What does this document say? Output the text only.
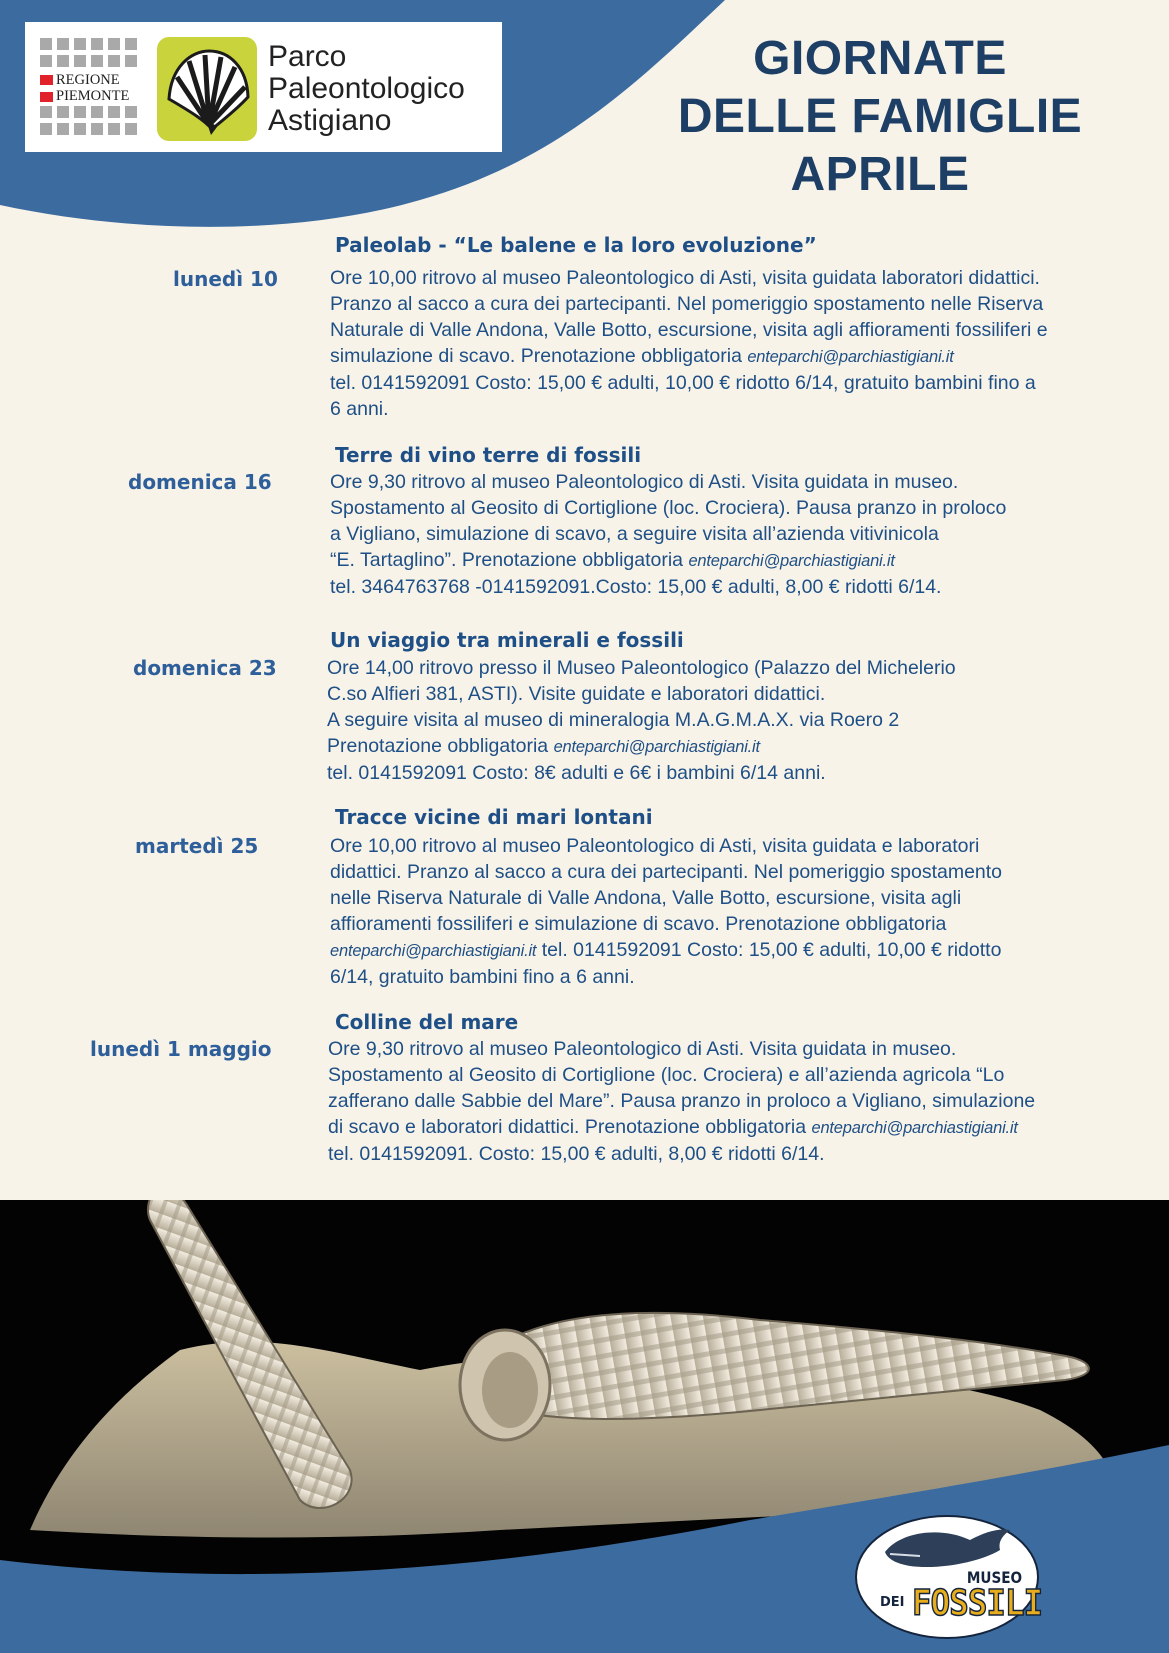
REGIONE
PIEMONTE
Parco
Paleontologico
Astigiano
GIORNATE
DELLE FAMIGLIE
APRILE
Paleolab - “Le balene e la loro evoluzione”
lunedì 10	Ore 10,00 ritrovo al museo Paleontologico di Asti, visita guidata laboratori didattici.
Pranzo al sacco a cura dei partecipanti. Nel pomeriggio spostamento nelle Riserva
Naturale di Valle Andona, Valle Botto, escursione, visita agli affioramenti fossiliferi e
simulazione di scavo. Prenotazione obbligatoria enteparchi@parchiastigiani.it
tel. 0141592091 Costo: 15,00 € adulti, 10,00 € ridotto 6/14, gratuito bambini fino a
6 anni.
Terre di vino terre di fossili
domenica 16	Ore 9,30 ritrovo al museo Paleontologico di Asti. Visita guidata in museo.
Spostamento al Geosito di Cortiglione (loc. Crociera). Pausa pranzo in proloco
a Vigliano, simulazione di scavo, a seguire visita all’azienda vitivinicola
“E. Tartaglino”. Prenotazione obbligatoria enteparchi@parchiastigiani.it
tel. 3464763768 -0141592091.Costo: 15,00 € adulti, 8,00 € ridotti 6/14.
Un viaggio tra minerali e fossili
domenica 23	Ore 14,00 ritrovo presso il Museo Paleontologico (Palazzo del Michelerio
C.so Alfieri 381, ASTI). Visite guidate e laboratori didattici.
A seguire visita al museo di mineralogia M.A.G.M.A.X. via Roero 2
Prenotazione obbligatoria enteparchi@parchiastigiani.it
tel. 0141592091 Costo: 8€ adulti e 6€ i bambini 6/14 anni.
Tracce vicine di mari lontani
martedì 25	Ore 10,00 ritrovo al museo Paleontologico di Asti, visita guidata e laboratori
didattici. Pranzo al sacco a cura dei partecipanti. Nel pomeriggio spostamento
nelle Riserva Naturale di Valle Andona, Valle Botto, escursione, visita agli
affioramenti fossiliferi e simulazione di scavo. Prenotazione obbligatoria
enteparchi@parchiastigiani.it tel. 0141592091 Costo: 15,00 € adulti, 10,00 € ridotto
6/14, gratuito bambini fino a 6 anni.
Colline del mare
lunedì 1 maggio	Ore 9,30 ritrovo al museo Paleontologico di Asti. Visita guidata in museo.
Spostamento al Geosito di Cortiglione (loc. Crociera) e all’azienda agricola “Lo
zafferano dalle Sabbie del Mare”. Pausa pranzo in proloco a Vigliano, simulazione
di scavo e laboratori didattici. Prenotazione obbligatoria enteparchi@parchiastigiani.it
tel. 0141592091. Costo: 15,00 € adulti, 8,00 € ridotti 6/14.
MUSEO
DEI FOSSILI
